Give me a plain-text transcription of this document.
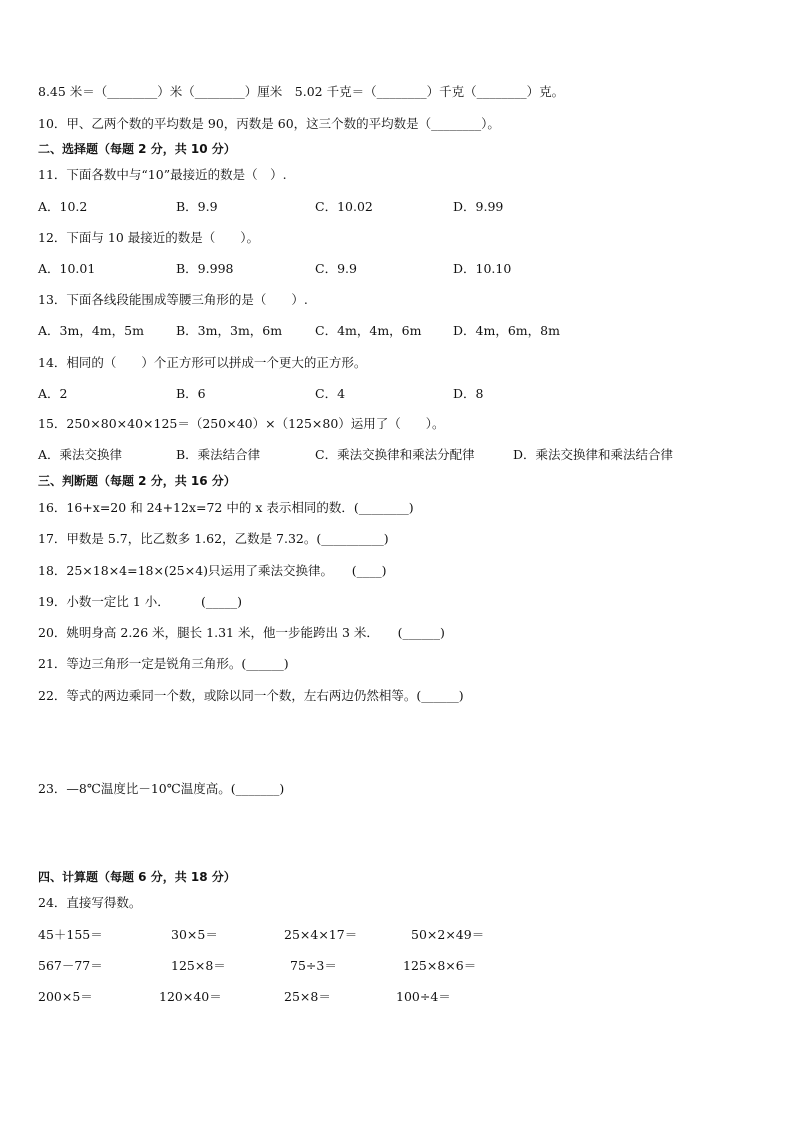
8.45 米＝（________）米（________）厘米　5.02 千克＝（________）千克（________）克。
10．甲、乙两个数的平均数是 90，丙数是 60，这三个数的平均数是（________）。
二、选择题（每题 2 分，共 10 分）
11．下面各数中与“10”最接近的数是（　）.
A．10.2	B．9.9	C．10.02	D．9.99
12．下面与 10 最接近的数是（　　）。
A．10.01	B．9.998	C．9.9	D．10.10
13．下面各线段能围成等腰三角形的是（　　）.
A．3m，4m，5m	B．3m，3m，6m	C．4m，4m，6m	D．4m，6m，8m
14．相同的（　　）个正方形可以拼成一个更大的正方形。
A．2	B．6	C．4	D．8
15．250×80×40×125＝（250×40）×（125×80）运用了（　　）。
A．乘法交换律	B．乘法结合律	C．乘法交换律和乘法分配律	D．乘法交换律和乘法结合律
三、判断题（每题 2 分，共 16 分）
16．16+x=20 和 24+12x=72 中的 x 表示相同的数．(________)
17．甲数是 5.7，比乙数多 1.62，乙数是 7.32。(__________)
18．25×18×4=18×(25×4)只运用了乘法交换律。　　(____)
19．小数一定比 1 小．　　　(_____)
20．姚明身高 2.26 米，腿长 1.31 米，他一步能跨出 3 米．　　(______)
21．等边三角形一定是锐角三角形。(______)
22．等式的两边乘同一个数，或除以同一个数，左右两边仍然相等。(______)
23．—8℃温度比－10℃温度高。(_______)
四、计算题（每题 6 分，共 18 分）
24．直接写得数。
45＋155＝	30×5＝	25×4×17＝	50×2×49＝
567－77＝	125×8＝	75÷3＝	125×8×6＝
200×5＝	120×40＝	25×8＝	100÷4＝
